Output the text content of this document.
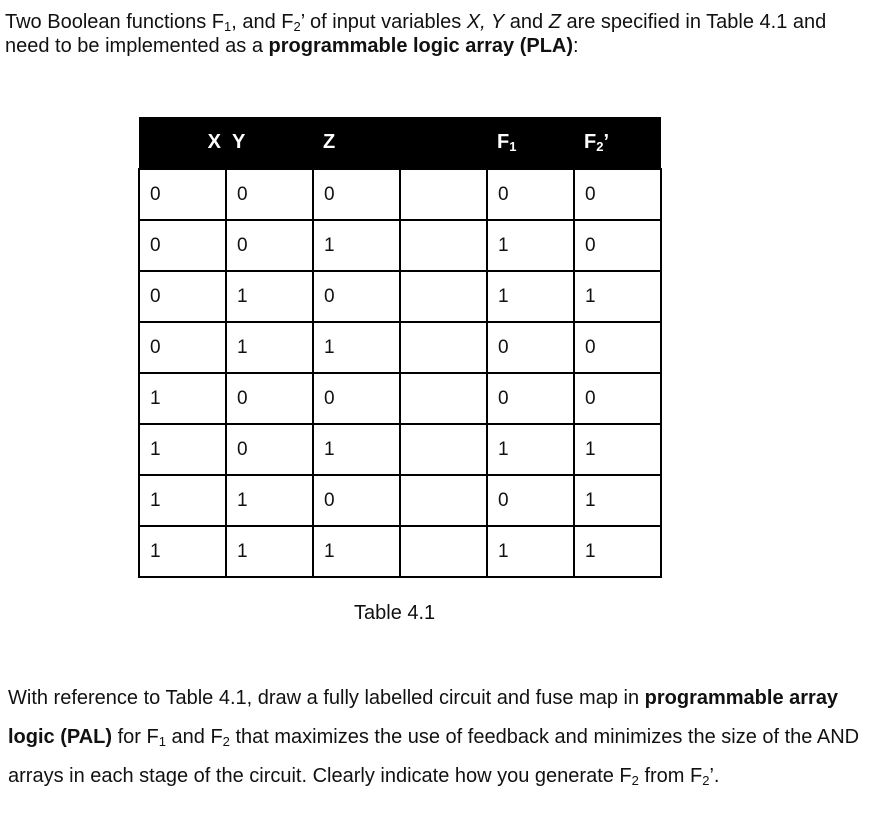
Two Boolean functions $F_1$, and $F_2$’ of input variables X, Y and Z are specified in Table 4.1 and need to be implemented as a programmable logic array (PLA):

X	Y	Z		$F_1$	$F_2$’
0	0	0		0	0
0	0	1		1	0
0	1	0		1	1
0	1	1		0	0
1	0	0		0	0
1	0	1		1	1
1	1	0		0	1
1	1	1		1	1

Table 4.1

With reference to Table 4.1, draw a fully labelled circuit and fuse map in programmable array logic (PAL) for $F_1$ and $F_2$ that maximizes the use of feedback and minimizes the size of the AND arrays in each stage of the circuit. Clearly indicate how you generate $F_2$ from $F_2$’.
